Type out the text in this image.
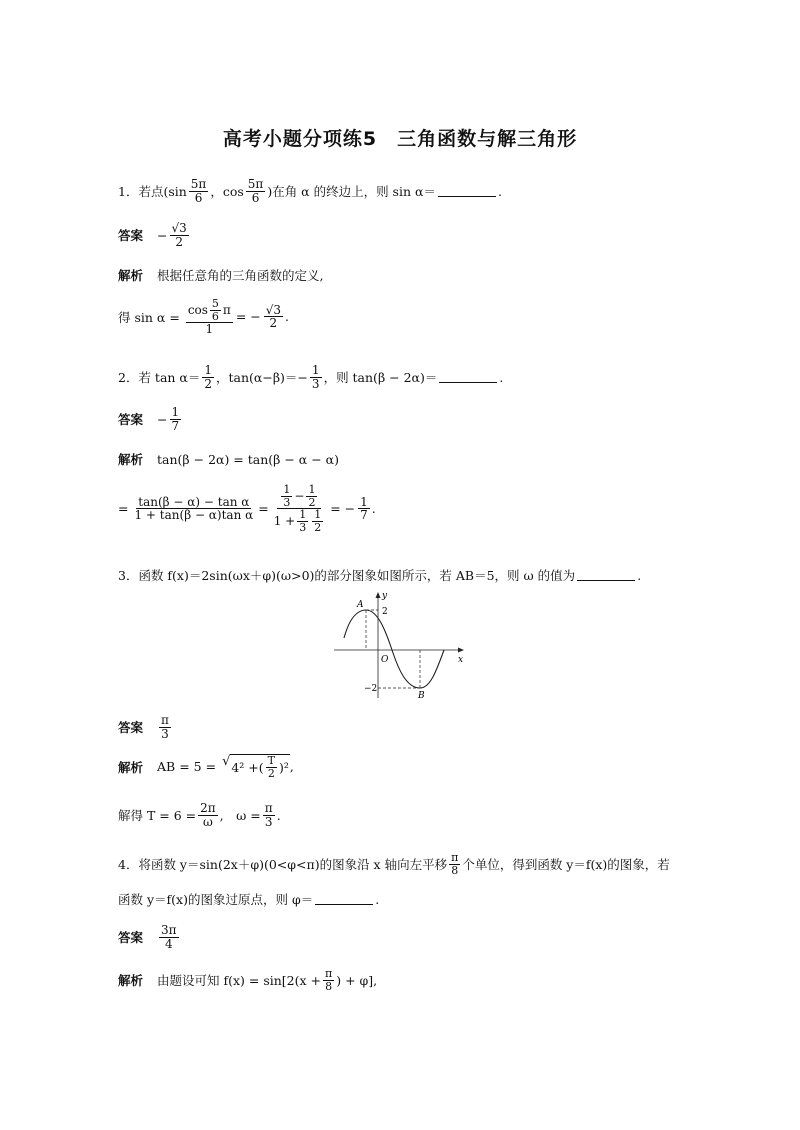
高考小题分项练5　三角函数与解三角形
1． 若点($\sin \frac{5\pi}{6}$ ，$\cos \frac{5\pi}{6}$ )在角 α 的终边上，则 sin α＝	.
答案 − $\frac{√3}{2}$
解析 根据任意角的三角函数的定义,
得 $\sin \alpha = \frac{\cos \frac{5}{6} \pi}{1}$ = − $\frac{√3}{2}$ .
2． 若 $\tan \alpha= \frac{1}{2}$ ，$\tan(\alpha-\beta)=- \frac{1}{3}$ ，则 tan(β − 2α)＝	.
答案 − $\frac{1}{7}$
解析 tan(β − 2α) = tan(β − α − α)
= $\frac{\text{tan(β − α) − tan α}}{\text{1 + tan(β − α)tan α}} = \frac{\frac{1}{3} - \frac{1}{2}}{1 + \frac{1}{3} \frac{1}{2}}$ = − $\frac{1}{7}$ .
3． 函数 f(x)＝2sin(ωx＋φ)(ω>0)的部分图象如图所示，若 AB＝5，则 ω 的值为	.
A
2
O	x
y
−2
B
答案 $\frac{\pi}{3}$
解析 AB = 5 = √ 4² + ( $\frac{T}{2}$ ) ² ,
解得 $T = 6 = \frac{2\pi}{\omega}$ ,　$\omega = \frac{\pi}{3}$ .
4． 将函数 y＝sin(2x＋φ)(0<φ<π)的图象沿 x 轴向左平移 $\frac{\pi}{8}$ 个单位，得到函数 y＝f(x)的图象，若
函数 y＝f(x)的图象过原点，则 φ＝	.
答案 $\frac{3\pi}{4}$
解析 由题设可知 $f(x) = \sin[2(x + \frac{\pi}{8}$ ) + φ],
